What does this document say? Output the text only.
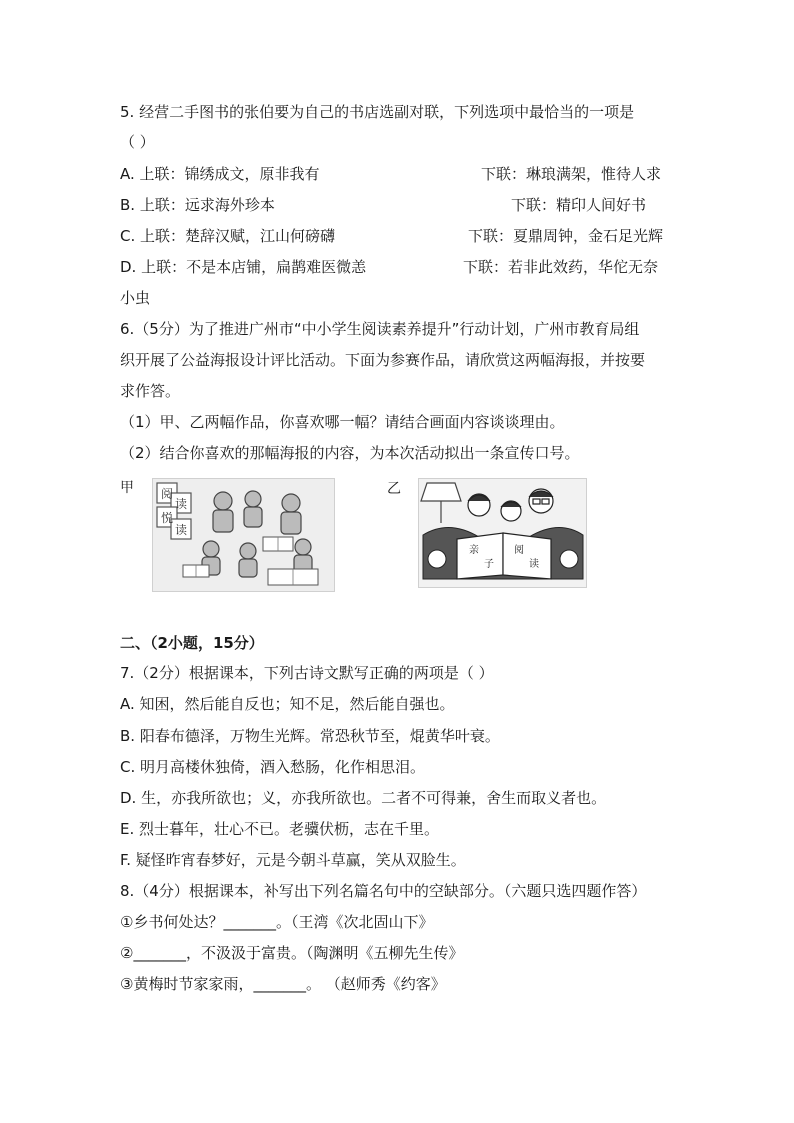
5. 经营二手图书的张伯要为自己的书店选副对联，下列选项中最恰当的一项是
（ ）
A. 上联：锦绣成文，原非我有	下联：琳琅满架，惟待人求
B. 上联：远求海外珍本	下联：精印人间好书
C. 上联：楚辞汉赋，江山何磅礴	下联：夏鼎周钟，金石足光辉
D. 上联：不是本店铺，扁鹊难医微恙	下联：若非此效药，华佗无奈
小虫
6.（5分）为了推进广州市“中小学生阅读素养提升”行动计划，广州市教育局组
织开展了公益海报设计评比活动。下面为参赛作品，请欣赏这两幅海报，并按要
求作答。
（1）甲、乙两幅作品，你喜欢哪一幅？请结合画面内容谈谈理由。
（2）结合你喜欢的那幅海报的内容，为本次活动拟出一条宣传口号。
甲 阅
读
悦
读
乙
亲
子
阅
读
二、（2小题，15分）
7.（2分）根据课本，下列古诗文默写正确的两项是（ ）
A. 知困，然后能自反也；知不足，然后能自强也。
B. 阳春布德泽，万物生光辉。常恐秋节至，焜黄华叶衰。
C. 明月高楼休独倚，酒入愁肠，化作相思泪。
D. 生，亦我所欲也；义，亦我所欲也。二者不可得兼，舍生而取义者也。
E. 烈士暮年，壮心不已。老骥伏枥，志在千里。
F. 疑怪昨宵春梦好，元是今朝斗草赢，笑从双脸生。
8.（4分）根据课本，补写出下列名篇名句中的空缺部分。（六题只选四题作答）
①乡书何处达？_______。（王湾《次北固山下》
②_______，不汲汲于富贵。（陶渊明《五柳先生传》
③黄梅时节家家雨，_______。 （赵师秀《约客》
